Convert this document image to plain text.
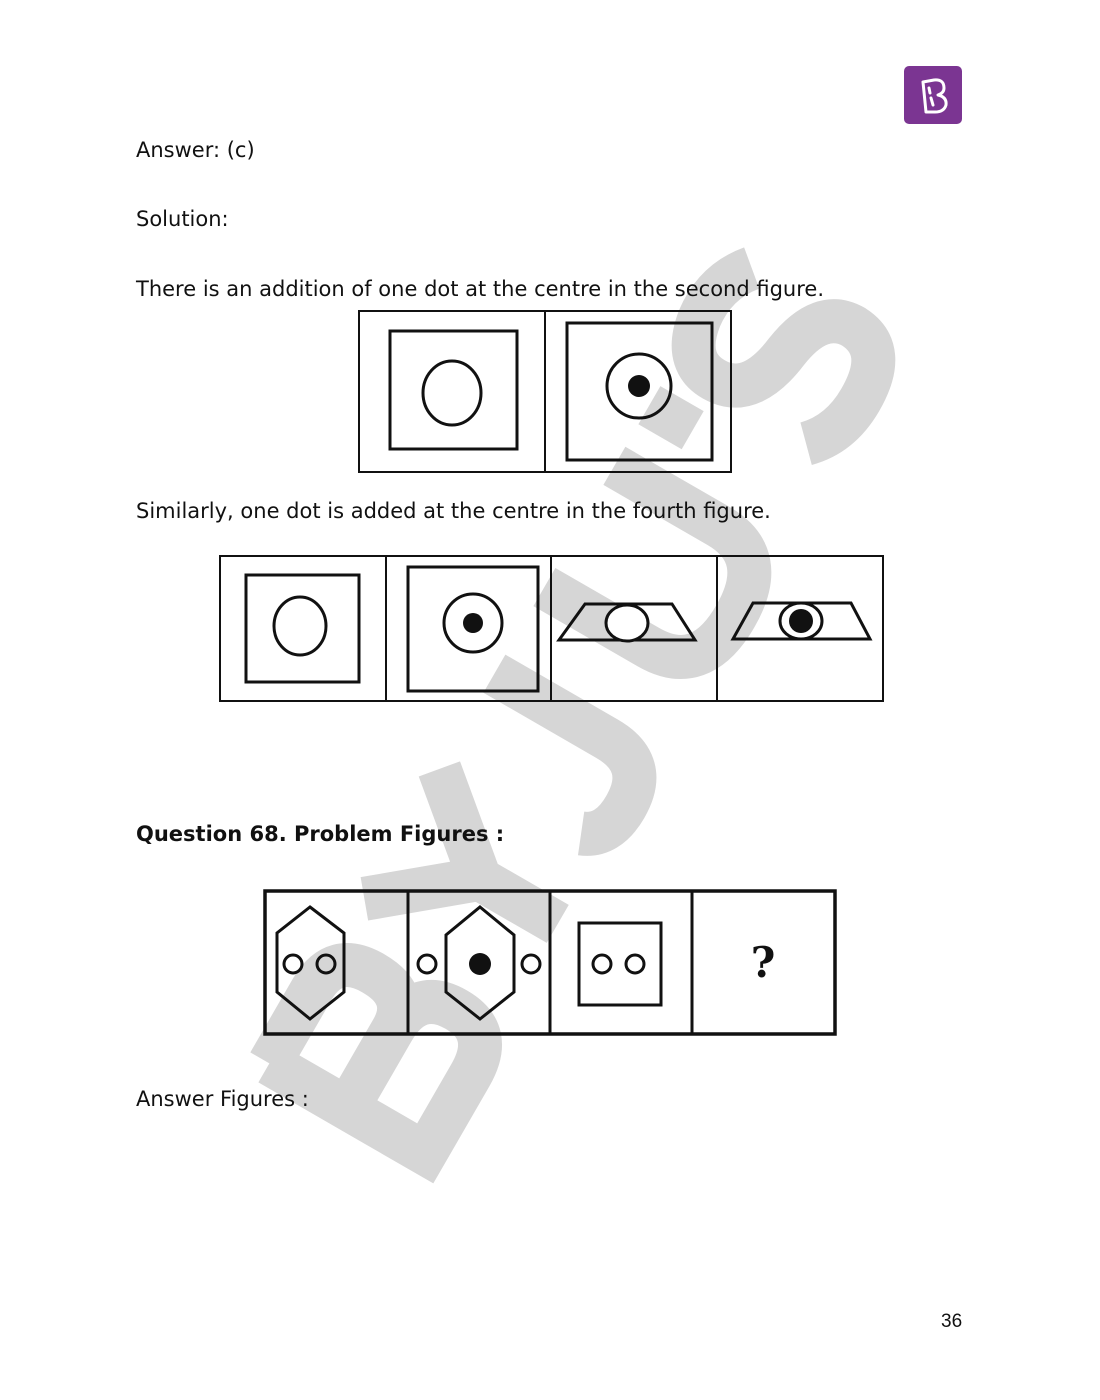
Answer: (c)
Solution:
There is an addition of one dot at the centre in the second figure.
Similarly, one dot is added at the centre in the fourth figure.
Question 68. Problem Figures :
?
Answer Figures :
36
